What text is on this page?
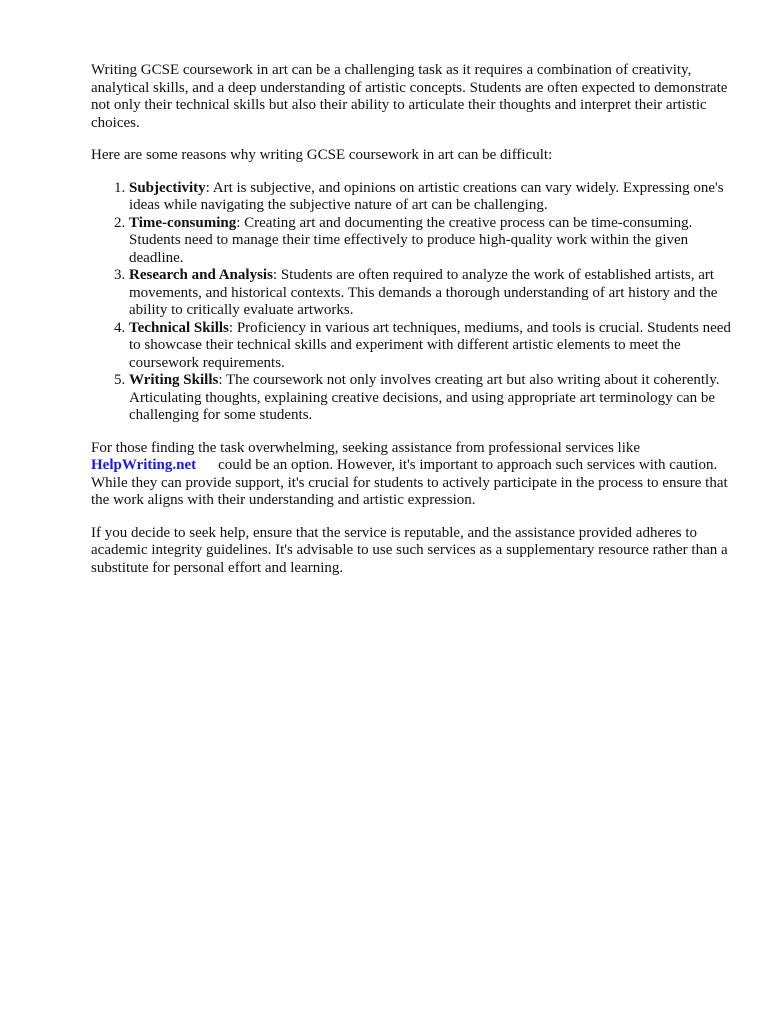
Writing GCSE coursework in art can be a challenging task as it requires a combination of creativity, analytical skills, and a deep understanding of artistic concepts. Students are often expected to demonstrate not only their technical skills but also their ability to articulate their thoughts and interpret their artistic choices.

Here are some reasons why writing GCSE coursework in art can be difficult:

1. Subjectivity: Art is subjective, and opinions on artistic creations can vary widely. Expressing one's ideas while navigating the subjective nature of art can be challenging.
2. Time-consuming: Creating art and documenting the creative process can be time-consuming. Students need to manage their time effectively to produce high-quality work within the given deadline.
3. Research and Analysis: Students are often required to analyze the work of established artists, art movements, and historical contexts. This demands a thorough understanding of art history and the ability to critically evaluate artworks.
4. Technical Skills: Proficiency in various art techniques, mediums, and tools is crucial. Students need to showcase their technical skills and experiment with different artistic elements to meet the coursework requirements.
5. Writing Skills: The coursework not only involves creating art but also writing about it coherently. Articulating thoughts, explaining creative decisions, and using appropriate art terminology can be challenging for some students.

For those finding the task overwhelming, seeking assistance from professional services like
HelpWriting.net could be an option. However, it's important to approach such services with caution. While they can provide support, it's crucial for students to actively participate in the process to ensure that the work aligns with their understanding and artistic expression.

If you decide to seek help, ensure that the service is reputable, and the assistance provided adheres to academic integrity guidelines. It's advisable to use such services as a supplementary resource rather than a substitute for personal effort and learning.
